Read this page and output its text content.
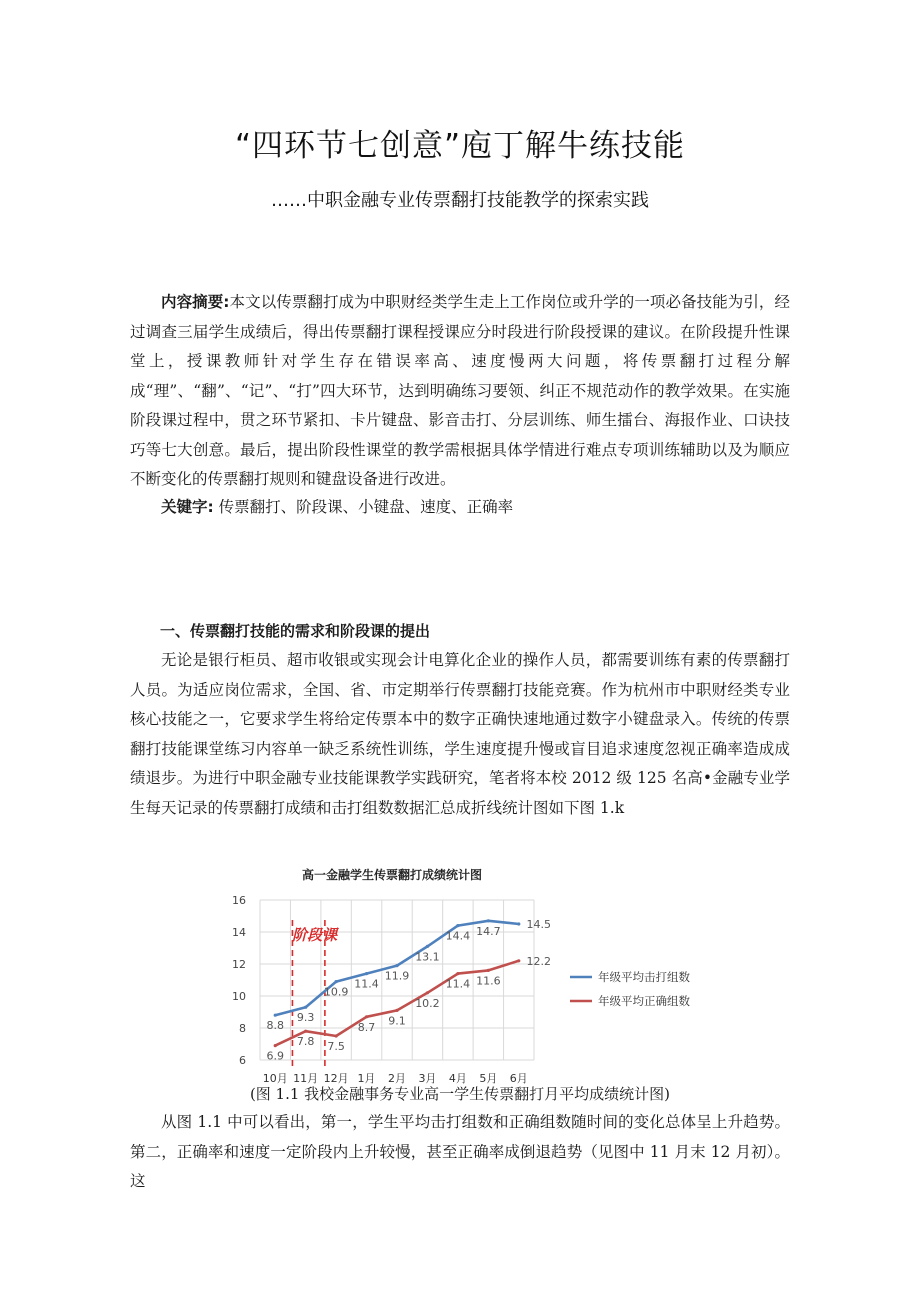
“四环节七创意”庖丁解牛练技能
……中职金融专业传票翻打技能教学的探索实践

内容摘要:本文以传票翻打成为中职财经类学生走上工作岗位或升学的一项必备技能为引，经过调查三届学生成绩后，得出传票翻打课程授课应分时段进行阶段授课的建议。在阶段提升性课堂上，授课教师针对学生存在错误率高、速度慢两大问题，将传票翻打过程分解成“理”、“翻”、“记”、“打”四大环节，达到明确练习要领、纠正不规范动作的教学效果。在实施阶段课过程中，贯之环节紧扣、卡片键盘、影音击打、分层训练、师生擂台、海报作业、口诀技巧等七大创意。最后，提出阶段性课堂的教学需根据具体学情进行难点专项训练辅助以及为顺应不断变化的传票翻打规则和键盘设备进行改进。

关键字: 传票翻打、阶段课、小键盘、速度、正确率

一、传票翻打技能的需求和阶段课的提出

无论是银行柜员、超市收银或实现会计电算化企业的操作人员，都需要训练有素的传票翻打人员。为适应岗位需求，全国、省、市定期举行传票翻打技能竞赛。作为杭州市中职财经类专业核心技能之一，它要求学生将给定传票本中的数字正确快速地通过数字小键盘录入。传统的传票翻打技能课堂练习内容单一缺乏系统性训练，学生速度提升慢或盲目追求速度忽视正确率造成成绩退步。为进行中职金融专业技能课教学实践研究，笔者将本校 2012 级 125 名高•金融专业学生每天记录的传票翻打成绩和击打组数数据汇总成折线统计图如下图 1.k

高一金融学生传票翻打成绩统计图
6
8
10
12
14
16
10月 11月 12月 1月 2月 3月 4月 5月 6月
阶段课
8.8
9.3
10.9
11.4
11.9
13.1
14.4 14.7
14.5
6.9
7.8 7.5
8.7 9.1
10.2
11.4 11.6
12.2
年级平均击打组数
年级平均正确组数
(图 1.1 我校金融事务专业高一学生传票翻打月平均成绩统计图)

从图 1.1 中可以看出，第一，学生平均击打组数和正确组数随时间的变化总体呈上升趋势。第二，正确率和速度一定阶段内上升较慢，甚至正确率成倒退趋势（见图中 11 月末 12 月初）。这
